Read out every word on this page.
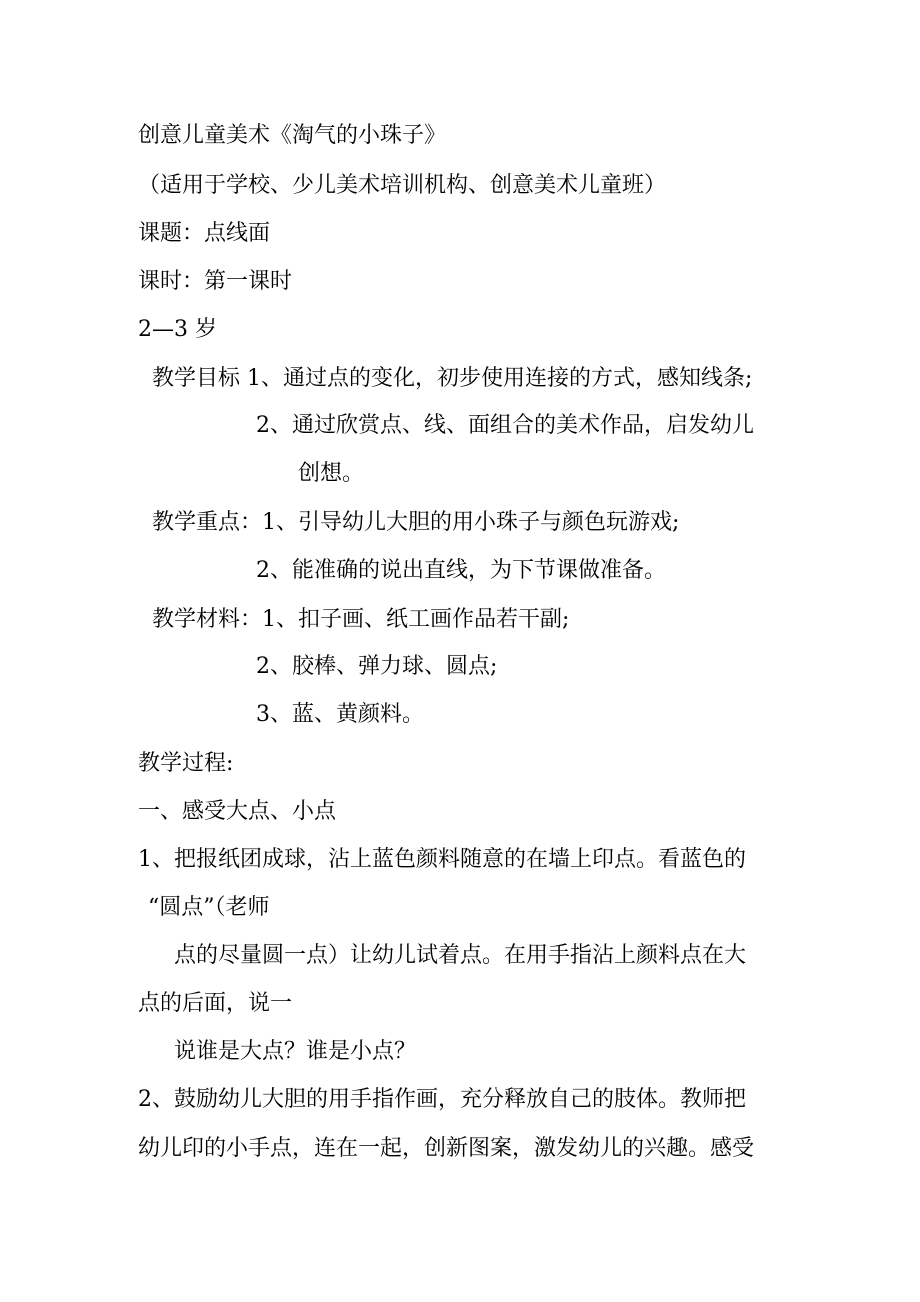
创意儿童美术《淘气的小珠子》

（适用于学校、少儿美术培训机构、创意美术儿童班）

课题：点线面

课时：第一课时

2—3 岁

教学目标 1、通过点的变化，初步使用连接的方式，感知线条;

2、通过欣赏点、线、面组合的美术作品，启发幼儿

创想。

教学重点：1、引导幼儿大胆的用小珠子与颜色玩游戏;

2、能准确的说出直线，为下节课做准备。

教学材料：1、扣子画、纸工画作品若干副;

2、胶棒、弹力球、圆点;

3、蓝、黄颜料。

教学过程:

一、感受大点、小点

1、把报纸团成球，沾上蓝色颜料随意的在墙上印点。看蓝色的

“圆点”（老师

点的尽量圆一点）让幼儿试着点。在用手指沾上颜料点在大

点的后面，说一

说谁是大点？谁是小点？

2、鼓励幼儿大胆的用手指作画，充分释放自己的肢体。教师把

幼儿印的小手点，连在一起，创新图案，激发幼儿的兴趣。感受
